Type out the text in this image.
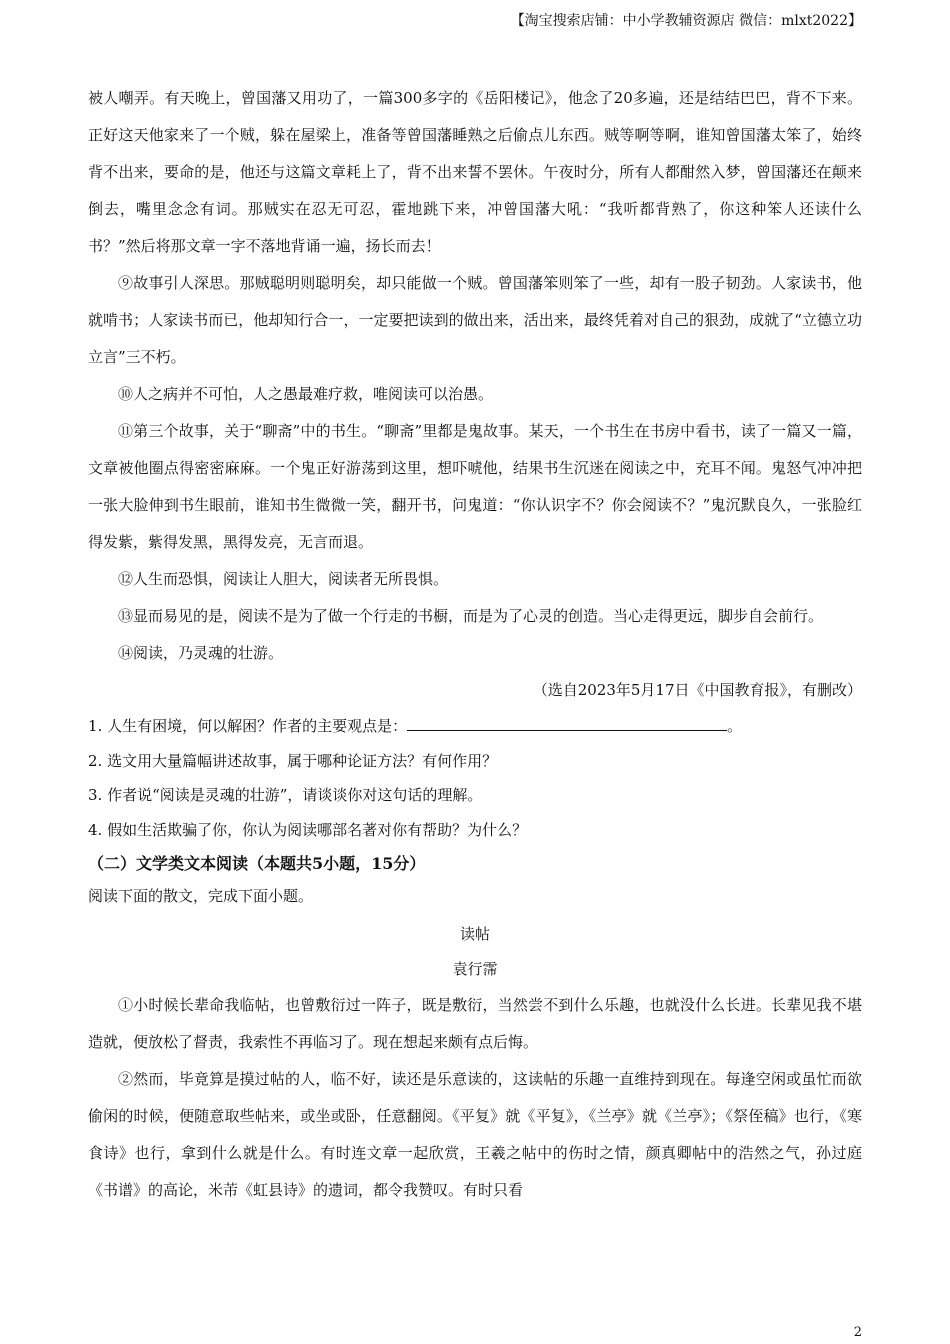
【淘宝搜索店铺：中小学教辅资源店 微信：mlxt2022】

被人嘲弄。有天晚上，曾国藩又用功了，一篇300多字的《岳阳楼记》，他念了20多遍，还是结结巴巴，背不下来。正好这天他家来了一个贼，躲在屋梁上，准备等曾国藩睡熟之后偷点儿东西。贼等啊等啊，谁知曾国藩太笨了，始终背不出来，要命的是，他还与这篇文章耗上了，背不出来誓不罢休。午夜时分，所有人都酣然入梦，曾国藩还在颠来倒去，嘴里念念有词。那贼实在忍无可忍，霍地跳下来，冲曾国藩大吼：“我听都背熟了，你这种笨人还读什么书？”然后将那文章一字不落地背诵一遍，扬长而去！

⑨故事引人深思。那贼聪明则聪明矣，却只能做一个贼。曾国藩笨则笨了一些，却有一股子韧劲。人家读书，他就啃书；人家读书而已，他却知行合一，一定要把读到的做出来，活出来，最终凭着对自己的狠劲，成就了“立德立功立言”三不朽。

⑩人之病并不可怕，人之愚最难疗救，唯阅读可以治愚。

⑪第三个故事，关于“聊斋”中的书生。“聊斋”里都是鬼故事。某天，一个书生在书房中看书，读了一篇又一篇，文章被他圈点得密密麻麻。一个鬼正好游荡到这里，想吓唬他，结果书生沉迷在阅读之中，充耳不闻。鬼怒气冲冲把一张大脸伸到书生眼前，谁知书生微微一笑，翻开书，问鬼道：“你认识字不？你会阅读不？”鬼沉默良久，一张脸红得发紫，紫得发黑，黑得发亮，无言而退。

⑫人生而恐惧，阅读让人胆大，阅读者无所畏惧。

⑬显而易见的是，阅读不是为了做一个行走的书橱，而是为了心灵的创造。当心走得更远，脚步自会前行。

⑭阅读，乃灵魂的壮游。

（选自2023年5月17日《中国教育报》，有删改）

1. 人生有困境，何以解困？作者的主要观点是：	。

2. 选文用大量篇幅讲述故事，属于哪种论证方法？有何作用？

3. 作者说“阅读是灵魂的壮游”，请谈谈你对这句话的理解。

4. 假如生活欺骗了你，你认为阅读哪部名著对你有帮助？为什么？

（二）文学类文本阅读（本题共5小题，15分）

阅读下面的散文，完成下面小题。

读帖

袁行霈

①小时候长辈命我临帖，也曾敷衍过一阵子，既是敷衍，当然尝不到什么乐趣，也就没什么长进。长辈见我不堪造就，便放松了督责，我索性不再临习了。现在想起来颇有点后悔。

②然而，毕竟算是摸过帖的人，临不好，读还是乐意读的，这读帖的乐趣一直维持到现在。每逢空闲或虽忙而欲偷闲的时候，便随意取些帖来，或坐或卧，任意翻阅。《平复》就《平复》，《兰亭》就《兰亭》；《祭侄稿》也行，《寒食诗》也行，拿到什么就是什么。有时连文章一起欣赏，王羲之帖中的伤时之情，颜真卿帖中的浩然之气，孙过庭《书谱》的高论，米芾《虹县诗》的遗词，都令我赞叹。有时只看

2
